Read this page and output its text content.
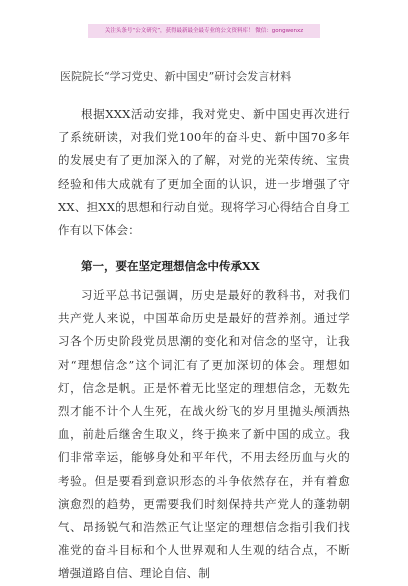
关注头条号“公文研究”，获得最新最全最专业的公文资料库！ 微信：gongwenxz
医院院长“学习党史、新中国史”研讨会发言材料

根据XXX活动安排，我对党史、新中国史再次进行了系统研读，对我们党100年的奋斗史、新中国70多年的发展史有了更加深入的了解，对党的光荣传统、宝贵经验和伟大成就有了更加全面的认识，进一步增强了守XX、担XX的思想和行动自觉。现将学习心得结合自身工作有以下体会：

第一，要在坚定理想信念中传承XX

习近平总书记强调，历史是最好的教科书，对我们共产党人来说，中国革命历史是最好的营养剂。通过学习各个历史阶段党员思潮的变化和对信念的坚守，让我对“理想信念”这个词汇有了更加深切的体会。理想如灯，信念是帆。正是怀着无比坚定的理想信念，无数先烈才能不计个人生死，在战火纷飞的岁月里抛头颅洒热血，前赴后继舍生取义，终于换来了新中国的成立。我们非常幸运，能够身处和平年代，不用去经历血与火的考验。但是要看到意识形态的斗争依然存在，并有着愈演愈烈的趋势，更需要我们时刻保持共产党人的蓬勃朝气、昂扬锐气和浩然正气让坚定的理想信念指引我们找准党的奋斗目标和个人世界观和人生观的结合点，不断增强道路自信、理论自信、制
